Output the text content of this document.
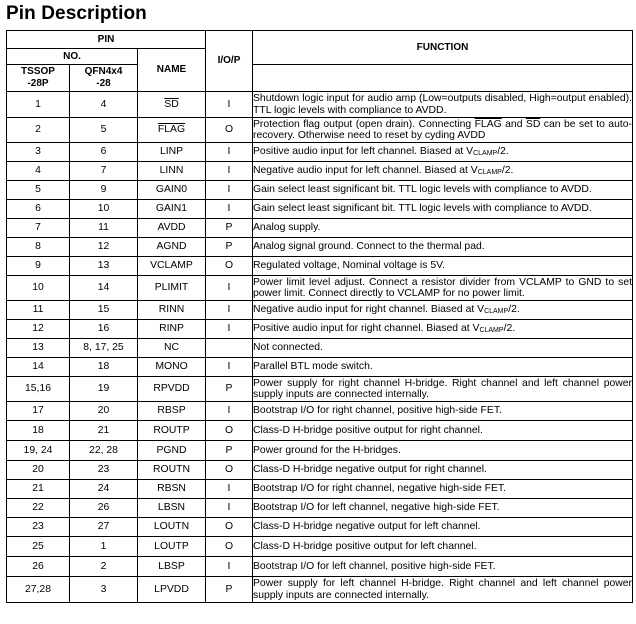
Pin Description
PIN			I/O/P	FUNCTION
NO.		NAME		
TSSOP -28P	QFN4x4 -28			
1	4	$\overline{SD}$	I	Shutdown logic input for audio amp (Low=outputs disabled, High=output enabled). TTL logic levels with compliance to AVDD.
2	5	FLAG	O	Protection flag output (open drain). Connecting FLAG and $\overline{SD}$ can be set to auto-recovery. Otherwise need to reset by cyding AVDD
3	6	LINP	I	Positive audio input for left channel. Biased at $V_{CLAMP}/2$.
4	7	LINN	I	Negative audio input for left channel. Biased at $V_{CLAMP}/2$.
5	9	GAIN0	I	Gain select least significant bit. TTL logic levels with compliance to AVDD.
6	10	GAIN1	I	Gain select least significant bit. TTL logic levels with compliance to AVDD.
7	11	AVDD	P	Analog supply.
8	12	AGND	P	Analog signal ground. Connect to the thermal pad.
9	13	VCLAMP	O	Regulated voltage, Nominal voltage is 5V.
10	14	PLIMIT	I	Power limit level adjust. Connect a resistor divider from VCLAMP to GND to set power limit. Connect directly to VCLAMP for no power limit.
11	15	RINN	I	Negative audio input for right channel. Biased at $V_{CLAMP}/2$.
12	16	RINP	I	Positive audio input for right channel. Biased at $V_{CLAMP}/2$.
13	8, 17, 25	NC		Not connected.
14	18	MONO	I	Parallel BTL mode switch.
15,16	19	RPVDD	P	Power supply for right channel H-bridge. Right channel and left channel power supply inputs are connected internally.
17	20	RBSP	I	Bootstrap I/O for right channel, positive high-side FET.
18	21	ROUTP	O	Class-D H-bridge positive output for right channel.
19, 24	22, 28	PGND	P	Power ground for the H-bridges.
20	23	ROUTN	O	Class-D H-bridge negative output for right channel.
21	24	RBSN	I	Bootstrap I/O for right channel, negative high-side FET.
22	26	LBSN	I	Bootstrap I/O for left channel, negative high-side FET.
23	27	LOUTN	O	Class-D H-bridge negative output for left channel.
25	1	LOUTP	O	Class-D H-bridge positive output for left channel.
26	2	LBSP	I	Bootstrap I/O for left channel, positive high-side FET.
27,28	3	LPVDD	P	Power supply for left channel H-bridge. Right channel and left channel power supply inputs are connected internally.
